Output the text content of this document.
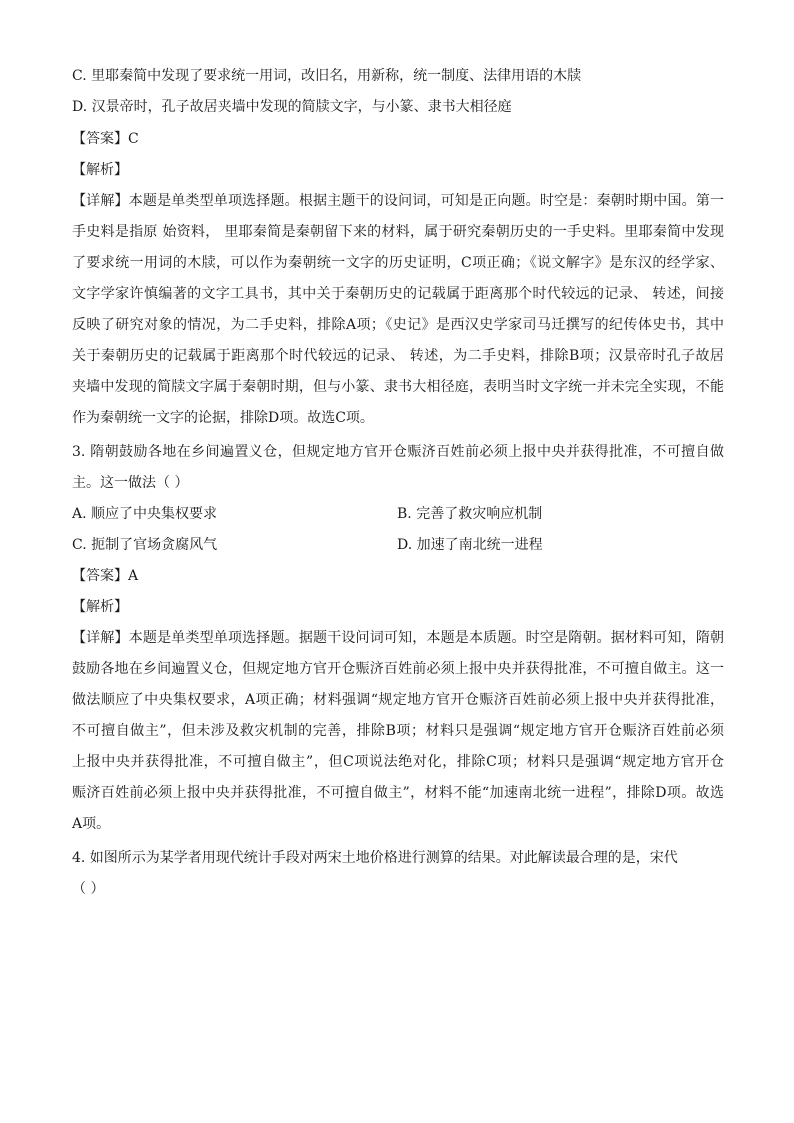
C. 里耶秦简中发现了要求统一用词，改旧名，用新称，统一制度、法律用语的木牍
D. 汉景帝时，孔子故居夹墙中发现的简牍文字，与小篆、隶书大相径庭
【答案】C
【解析】
【详解】本题是单类型单项选择题。根据主题干的设问词，可知是正向题。时空是：秦朝时期中国。第一
手史料是指原 始资料， 里耶秦简是秦朝留下来的材料，属于研究秦朝历史的一手史料。里耶秦简中发现
了要求统一用词的木牍，可以作为秦朝统一文字的历史证明，C项正确；《说文解字》是东汉的经学家、
文字学家许慎编著的文字工具书，其中关于秦朝历史的记载属于距离那个时代较远的记录、 转述，间接
反映了研究对象的情况，为二手史料，排除A项；《史记》是西汉史学家司马迁撰写的纪传体史书，其中
关于秦朝历史的记载属于距离那个时代较远的记录、 转述，为二手史料，排除B项；汉景帝时孔子故居
夹墙中发现的简牍文字属于秦朝时期，但与小篆、隶书大相径庭，表明当时文字统一并未完全实现，不能
作为秦朝统一文字的论据，排除D项。故选C项。
3. 隋朝鼓励各地在乡间遍置义仓，但规定地方官开仓赈济百姓前必须上报中央并获得批准，不可擅自做
主。这一做法（ ）
A. 顺应了中央集权要求	B. 完善了救灾响应机制
C. 扼制了官场贪腐风气	D. 加速了南北统一进程
【答案】A
【解析】
【详解】本题是单类型单项选择题。据题干设问词可知，本题是本质题。时空是隋朝。据材料可知，隋朝
鼓励各地在乡间遍置义仓，但规定地方官开仓赈济百姓前必须上报中央并获得批准，不可擅自做主。这一
做法顺应了中央集权要求，A项正确；材料强调“规定地方官开仓赈济百姓前必须上报中央并获得批准，
不可擅自做主”，但未涉及救灾机制的完善，排除B项；材料只是强调“规定地方官开仓赈济百姓前必须
上报中央并获得批准，不可擅自做主”，但C项说法绝对化，排除C项；材料只是强调“规定地方官开仓
赈济百姓前必须上报中央并获得批准，不可擅自做主”，材料不能“加速南北统一进程”，排除D项。故选
A项。
4. 如图所示为某学者用现代统计手段对两宋土地价格进行测算的结果。对此解读最合理的是，宋代
（ ）
